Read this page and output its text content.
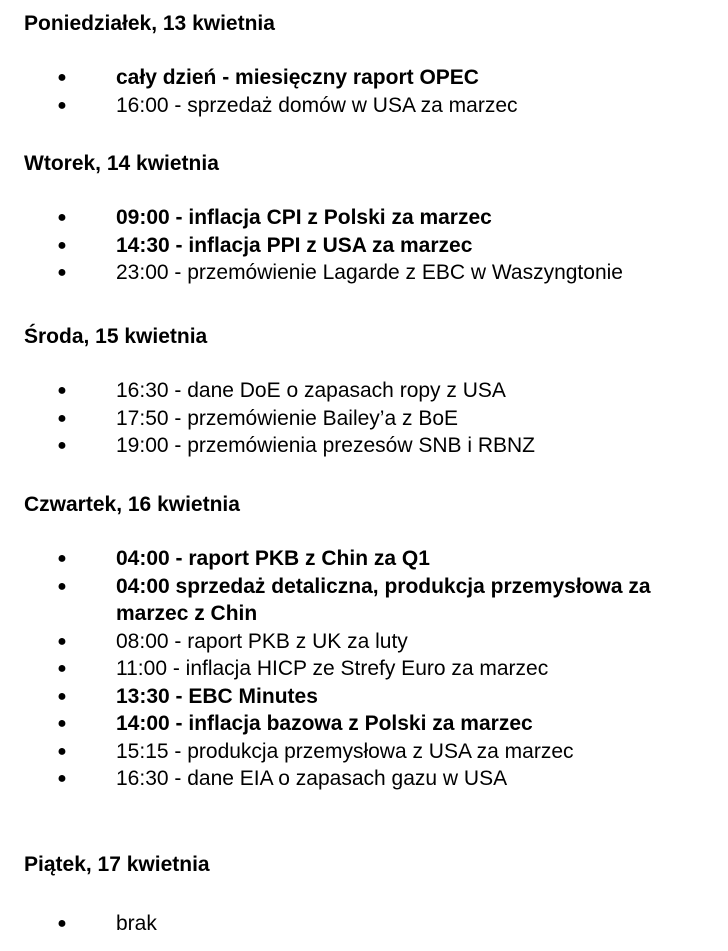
Poniedziałek, 13 kwietnia
● cały dzień - miesięczny raport OPEC
● 16:00 - sprzedaż domów w USA za marzec
Wtorek, 14 kwietnia
● 09:00 - inflacja CPI z Polski za marzec
● 14:30 - inflacja PPI z USA za marzec
● 23:00 - przemówienie Lagarde z EBC w Waszyngtonie
Środa, 15 kwietnia
● 16:30 - dane DoE o zapasach ropy z USA
● 17:50 - przemówienie Bailey’a z BoE
● 19:00 - przemówienia prezesów SNB i RBNZ
Czwartek, 16 kwietnia
● 04:00 - raport PKB z Chin za Q1
● 04:00 sprzedaż detaliczna, produkcja przemysłowa za marzec z Chin
● 08:00 - raport PKB z UK za luty
● 11:00 - inflacja HICP ze Strefy Euro za marzec
● 13:30 - EBC Minutes
● 14:00 - inflacja bazowa z Polski za marzec
● 15:15 - produkcja przemysłowa z USA za marzec
● 16:30 - dane EIA o zapasach gazu w USA
Piątek, 17 kwietnia
● brak
